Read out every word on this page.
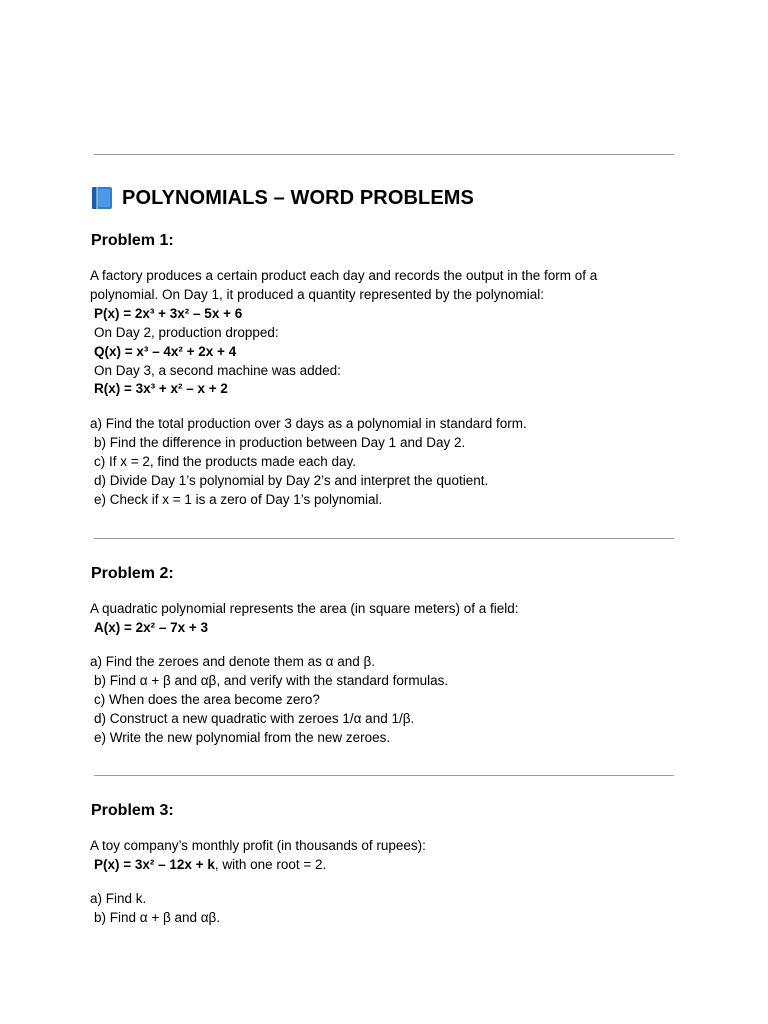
POLYNOMIALS – WORD PROBLEMS
Problem 1:
A factory produces a certain product each day and records the output in the form of a
polynomial. On Day 1, it produced a quantity represented by the polynomial:
P(x) = 2x³ + 3x² – 5x + 6
On Day 2, production dropped:
Q(x) = x³ – 4x² + 2x + 4
On Day 3, a second machine was added:
R(x) = 3x³ + x² – x + 2
a) Find the total production over 3 days as a polynomial in standard form.
b) Find the difference in production between Day 1 and Day 2.
c) If x = 2, find the products made each day.
d) Divide Day 1’s polynomial by Day 2’s and interpret the quotient.
e) Check if x = 1 is a zero of Day 1’s polynomial.
Problem 2:
A quadratic polynomial represents the area (in square meters) of a field:
A(x) = 2x² – 7x + 3
a) Find the zeroes and denote them as α and β.
b) Find α + β and αβ, and verify with the standard formulas.
c) When does the area become zero?
d) Construct a new quadratic with zeroes 1/α and 1/β.
e) Write the new polynomial from the new zeroes.
Problem 3:
A toy company’s monthly profit (in thousands of rupees):
P(x) = 3x² – 12x + k, with one root = 2.
a) Find k.
b) Find α + β and αβ.
